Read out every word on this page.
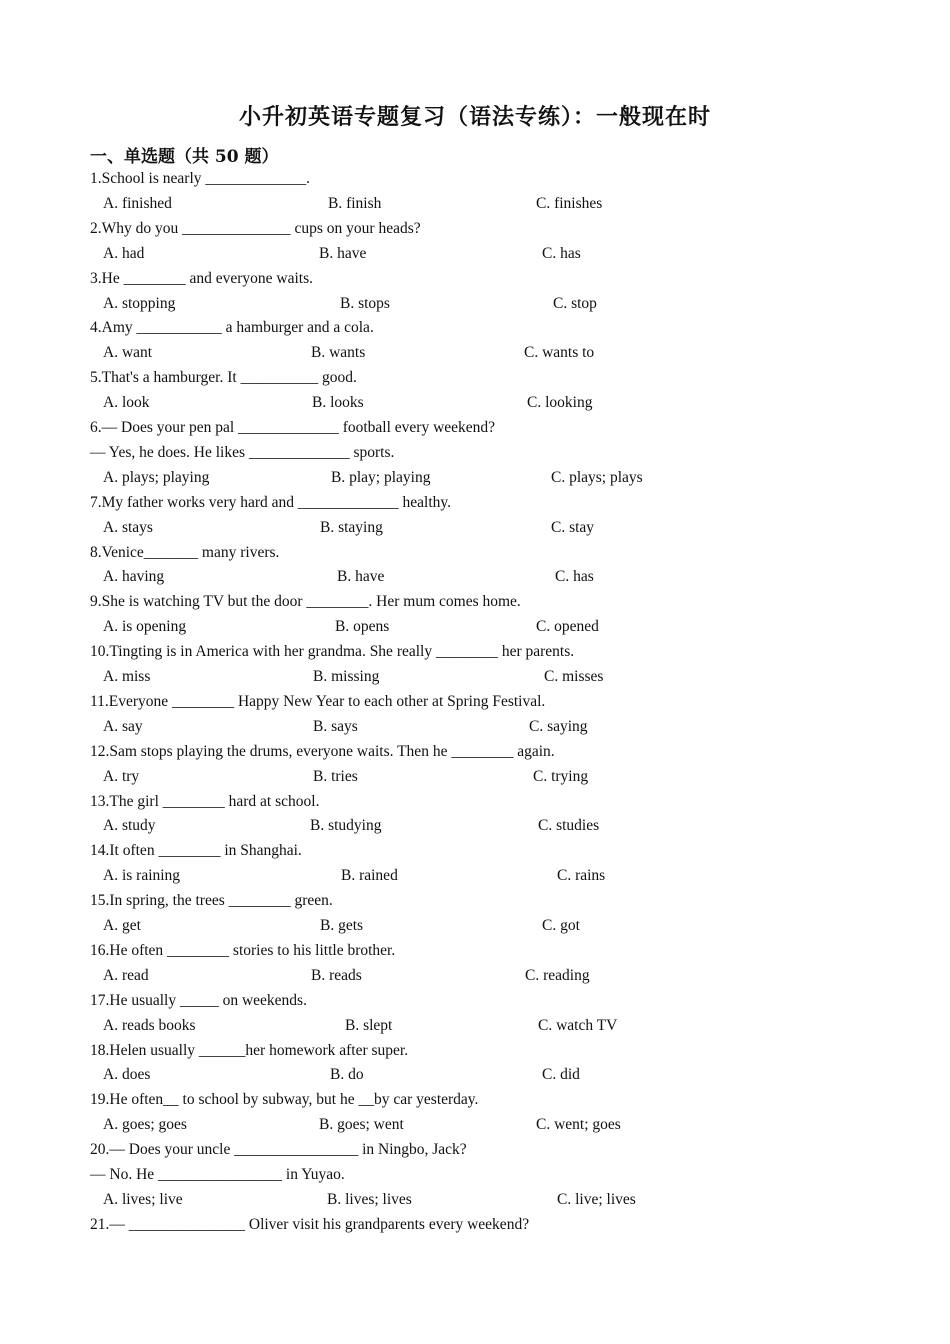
小升初英语专题复习（语法专练）：一般现在时
一、单选题（共 50 题）
1.School is nearly _____________.
A. finished	B. finish	C. finishes
2.Why do you ______________ cups on your heads?
A. had	B. have	C. has
3.He ________ and everyone waits.
A. stopping	B. stops	C. stop
4.Amy ___________ a hamburger and a cola.
A. want	B. wants	C. wants to
5.That's a hamburger. It __________ good.
A. look	B. looks	C. looking
6.— Does your pen pal _____________ football every weekend?
— Yes, he does. He likes _____________ sports.
A. plays; playing	B. play; playing	C. plays; plays
7.My father works very hard and _____________ healthy.
A. stays	B. staying	C. stay
8.Venice_______ many rivers.
A. having	B. have	C. has
9.She is watching TV but the door ________. Her mum comes home.
A. is opening	B. opens	C. opened
10.Tingting is in America with her grandma. She really ________ her parents.
A. miss	B. missing	C. misses
11.Everyone ________ Happy New Year to each other at Spring Festival.
A. say	B. says	C. saying
12.Sam stops playing the drums, everyone waits. Then he ________ again.
A. try	B. tries	C. trying
13.The girl ________ hard at school.
A. study	B. studying	C. studies
14.It often ________ in Shanghai.
A. is raining	B. rained	C. rains
15.In spring, the trees ________ green.
A. get	B. gets	C. got
16.He often ________ stories to his little brother.
A. read	B. reads	C. reading
17.He usually _____ on weekends.
A. reads books	B. slept	C. watch TV
18.Helen usually ______her homework after super.
A. does	B. do	C. did
19.He often__ to school by subway, but he __by car yesterday.
A. goes; goes	B. goes; went	C. went; goes
20.— Does your uncle ________________ in Ningbo, Jack?
— No. He ________________ in Yuyao.
A. lives; live	B. lives; lives	C. live; lives
21.— _______________ Oliver visit his grandparents every weekend?
